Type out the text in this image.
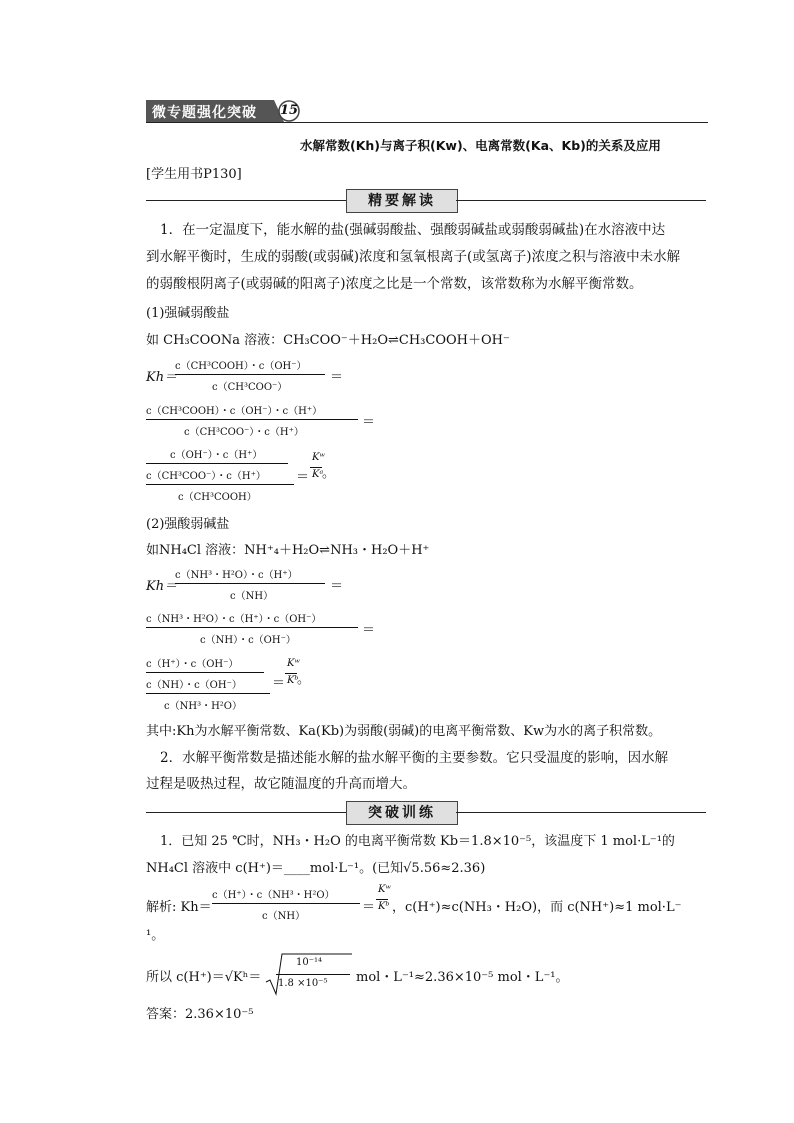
微专题强化突破 15
水解常数(Kh)与离子积(Kw)、电离常数(Ka、Kb)的关系及应用
[学生用书P130]
精要解读
1．在一定温度下，能水解的盐(强碱弱酸盐、强酸弱碱盐或弱酸弱碱盐)在水溶液中达
到水解平衡时，生成的弱酸(或弱碱)浓度和氢氧根离子(或氢离子)浓度之积与溶液中未水解
的弱酸根阴离子(或弱碱的阳离子)浓度之比是一个常数，该常数称为水解平衡常数。
(1)强碱弱酸盐
如 CH₃COONa 溶液：CH₃COO⁻＋H₂O⇌CH₃COOH＋OH⁻
Kh＝
c（CH³COOH）・c（OH⁻）
c（CH³COO⁻）
＝
c（CH³COOH）・c（OH⁻）・c（H⁺）
c（CH³COO⁻）・c（H⁺）
＝
c（OH⁻）・c（H⁺）
c（CH³COO⁻）・c（H⁺）
c（CH³COOH）
＝
Kʷ
Kᵃ
。
(2)强酸弱碱盐
如NH₄Cl 溶液：NH⁺₄＋H₂O⇌NH₃・H₂O＋H⁺
Kh＝
c（NH³・H²O）・c（H⁺）
c（NH）
＝
c（NH³・H²O）・c（H⁺）・c（OH⁻）
c（NH）・c（OH⁻）
＝
c（H⁺）・c（OH⁻）
c（NH）・c（OH⁻）
c（NH³・H²O）
＝
Kʷ
Kᵇ
。
其中:Kh为水解平衡常数、Ka(Kb)为弱酸(弱碱)的电离平衡常数、Kw为水的离子积常数。
2．水解平衡常数是描述能水解的盐水解平衡的主要参数。它只受温度的影响，因水解
过程是吸热过程，故它随温度的升高而增大。
突破训练
1．已知 25 ℃时，NH₃・H₂O 的电离平衡常数 Kb＝1.8×10⁻⁵，该温度下 1 mol·L⁻¹的
NH₄Cl 溶液中 c(H⁺)＝____mol·L⁻¹。(已知√5.56≈2.36)
解析: Kh＝
c（H⁺）・c（NH³・H²O）
c（NH）
＝
Kʷ
Kᵇ ，c(H⁺)≈c(NH₃・H₂O)，而 c(NH⁺)≈1 mol·L⁻
¹。
所以 c(H⁺)＝√Kʰ＝
10⁻¹⁴
1.8 ×10⁻⁵ mol・L⁻¹≈2.36×10⁻⁵ mol・L⁻¹。
答案：2.36×10⁻⁵
